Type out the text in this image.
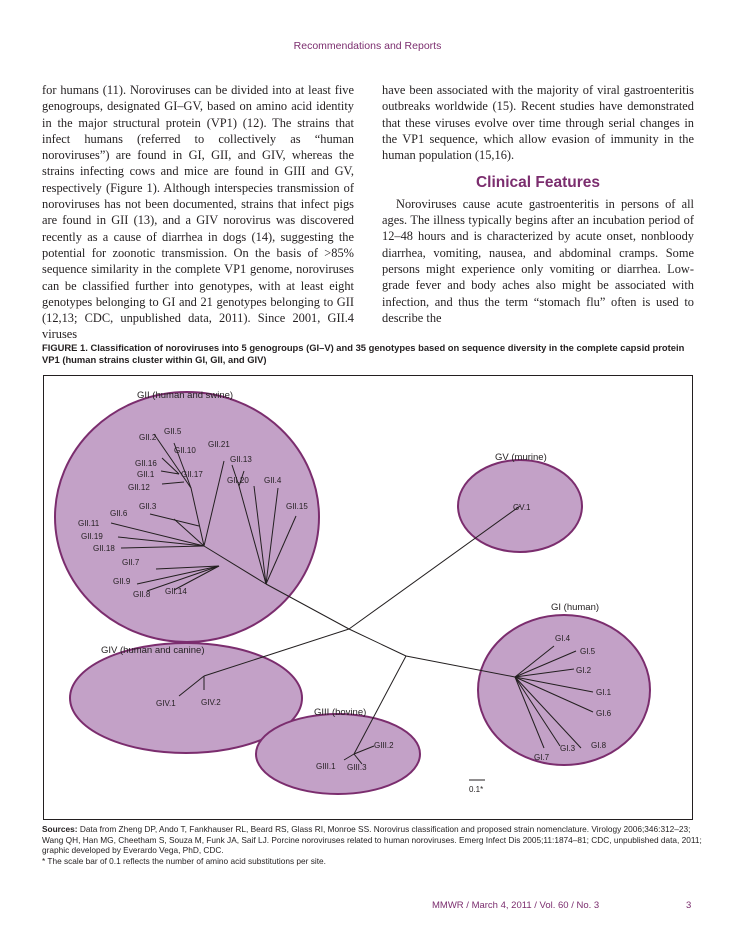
Recommendations and Reports

for humans (11). Noroviruses can be divided into at least five genogroups, designated GI–GV, based on amino acid identity in the major structural protein (VP1) (12). The strains that infect humans (referred to collectively as “human noroviruses”) are found in GI, GII, and GIV, whereas the strains infecting cows and mice are found in GIII and GV, respectively (Figure 1). Although interspecies transmission of noroviruses has not been documented, strains that infect pigs are found in GII (13), and a GIV norovirus was discovered recently as a cause of diarrhea in dogs (14), suggesting the potential for zoonotic transmission. On the basis of >85% sequence similarity in the complete VP1 genome, noroviruses can be classified further into genotypes, with at least eight genotypes belonging to GI and 21 genotypes belonging to GII (12,13; CDC, unpublished data, 2011). Since 2001, GII.4 viruses

have been associated with the majority of viral gastroenteritis outbreaks worldwide (15). Recent studies have demonstrated that these viruses evolve over time through serial changes in the VP1 sequence, which allow evasion of immunity in the human population (15,16).

Clinical Features

Noroviruses cause acute gastroenteritis in persons of all ages. The illness typically begins after an incubation period of 12–48 hours and is characterized by acute onset, nonbloody diarrhea, vomiting, nausea, and abdominal cramps. Some persons might experience only vomiting or diarrhea. Low-grade fever and body aches also might be associated with infection, and thus the term “stomach flu” often is used to describe the

FIGURE 1. Classification of noroviruses into 5 genogroups (GI–V) and 35 genotypes based on sequence diversity in the complete capsid protein VP1 (human strains cluster within GI, GII, and GIV)
GII (human and swine)
GV (murine)
GI (human)
GIV (human and canine)
GIII (bovine)
GII.2
GII.5
GII.10
GII.21
GII.16
GII.1	GII.17
GII.13
GII.12
GII.20 GII.4
GII.6
GII.3	GII.15
GII.11
GII.19
GII.18
GII.7
GII.9
GII.8 GII.14
GV.1
GI.4
GI.5
GI.2
GI.1
GI.6
GI.8
GI.3
GI.7
GIV.1	GIV.2
GIII.2
GIII.1 GIII.3
0.1*
Sources: Data from Zheng DP, Ando T, Fankhauser RL, Beard RS, Glass RI, Monroe SS. Norovirus classification and proposed strain nomenclature. Virology 2006;346:312–23; Wang QH, Han MG, Cheetham S, Souza M, Funk JA, Saif LJ. Porcine noroviruses related to human noroviruses. Emerg Infect Dis 2005;11:1874–81; CDC, unpublished data, 2011; graphic developed by Everardo Vega, PhD, CDC.
* The scale bar of 0.1 reflects the number of amino acid substitutions per site.
MMWR / March 4, 2011 / Vol. 60 / No. 3	3
